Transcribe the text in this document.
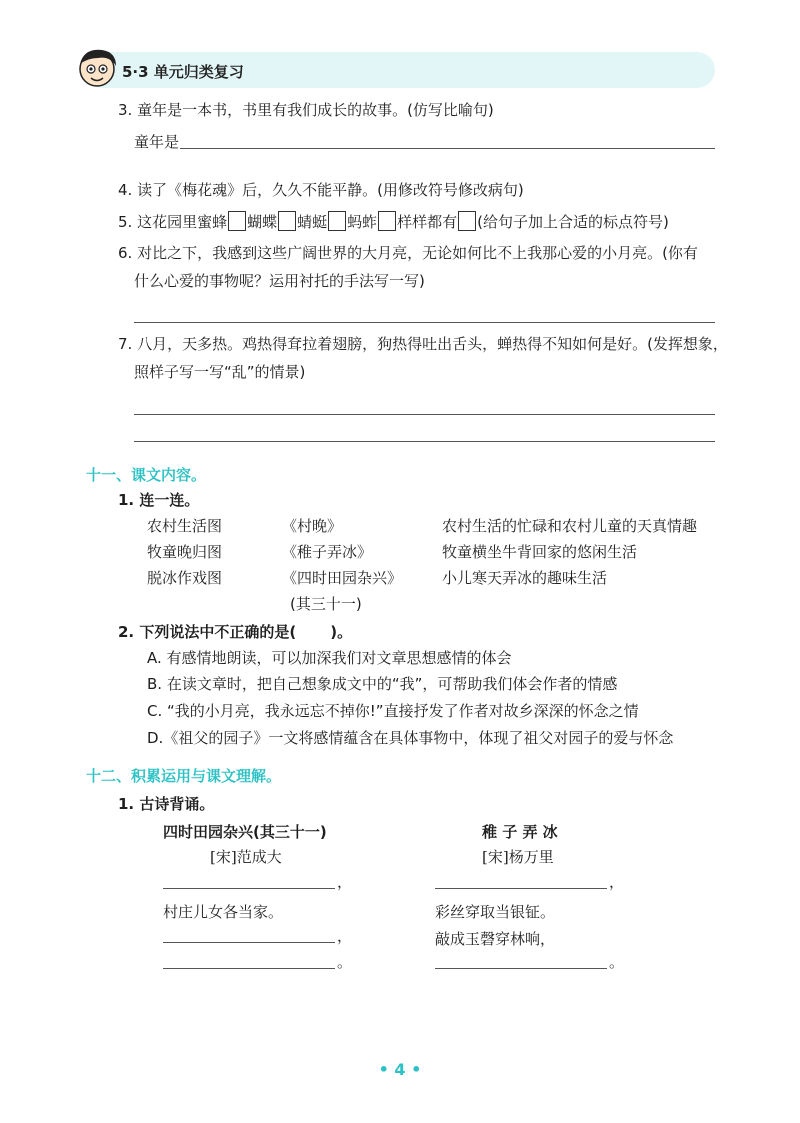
5·3 单元归类复习
3. 童年是一本书，书里有我们成长的故事。(仿写比喻句)
童年是
4. 读了《梅花魂》后，久久不能平静。(用修改符号修改病句)
5. 这花园里蜜蜂 蝴蝶 蜻蜓 蚂蚱 样样都有 (给句子加上合适的标点符号)
6. 对比之下，我感到这些广阔世界的大月亮，无论如何比不上我那心爱的小月亮。(你有
什么心爱的事物呢？运用衬托的手法写一写)
7. 八月，天多热。鸡热得耷拉着翅膀，狗热得吐出舌头，蝉热得不知如何是好。(发挥想象，
照样子写一写“乱”的情景)
十一、课文内容。
1. 连一连。
农村生活图
牧童晚归图
脱冰作戏图
《村晚》
《稚子弄冰》
《四时田园杂兴》
(其三十一)
农村生活的忙碌和农村儿童的天真情趣
牧童横坐牛背回家的悠闲生活
小儿寒天弄冰的趣味生活
2. 下列说法中不正确的是( )。
A. 有感情地朗读，可以加深我们对文章思想感情的体会
B. 在读文章时，把自己想象成文中的“我”，可帮助我们体会作者的情感
C. “我的小月亮，我永远忘不掉你!”直接抒发了作者对故乡深深的怀念之情
D.《祖父的园子》一文将感情蕴含在具体事物中，体现了祖父对园子的爱与怀念
十二、积累运用与课文理解。
1. 古诗背诵。
四时田园杂兴(其三十一)
[宋]范成大
，
村庄儿女各当家。
，
。
稚 子 弄 冰
[宋]杨万里
，
彩丝穿取当银钲。
敲成玉磬穿林响，
。
• 4 •
